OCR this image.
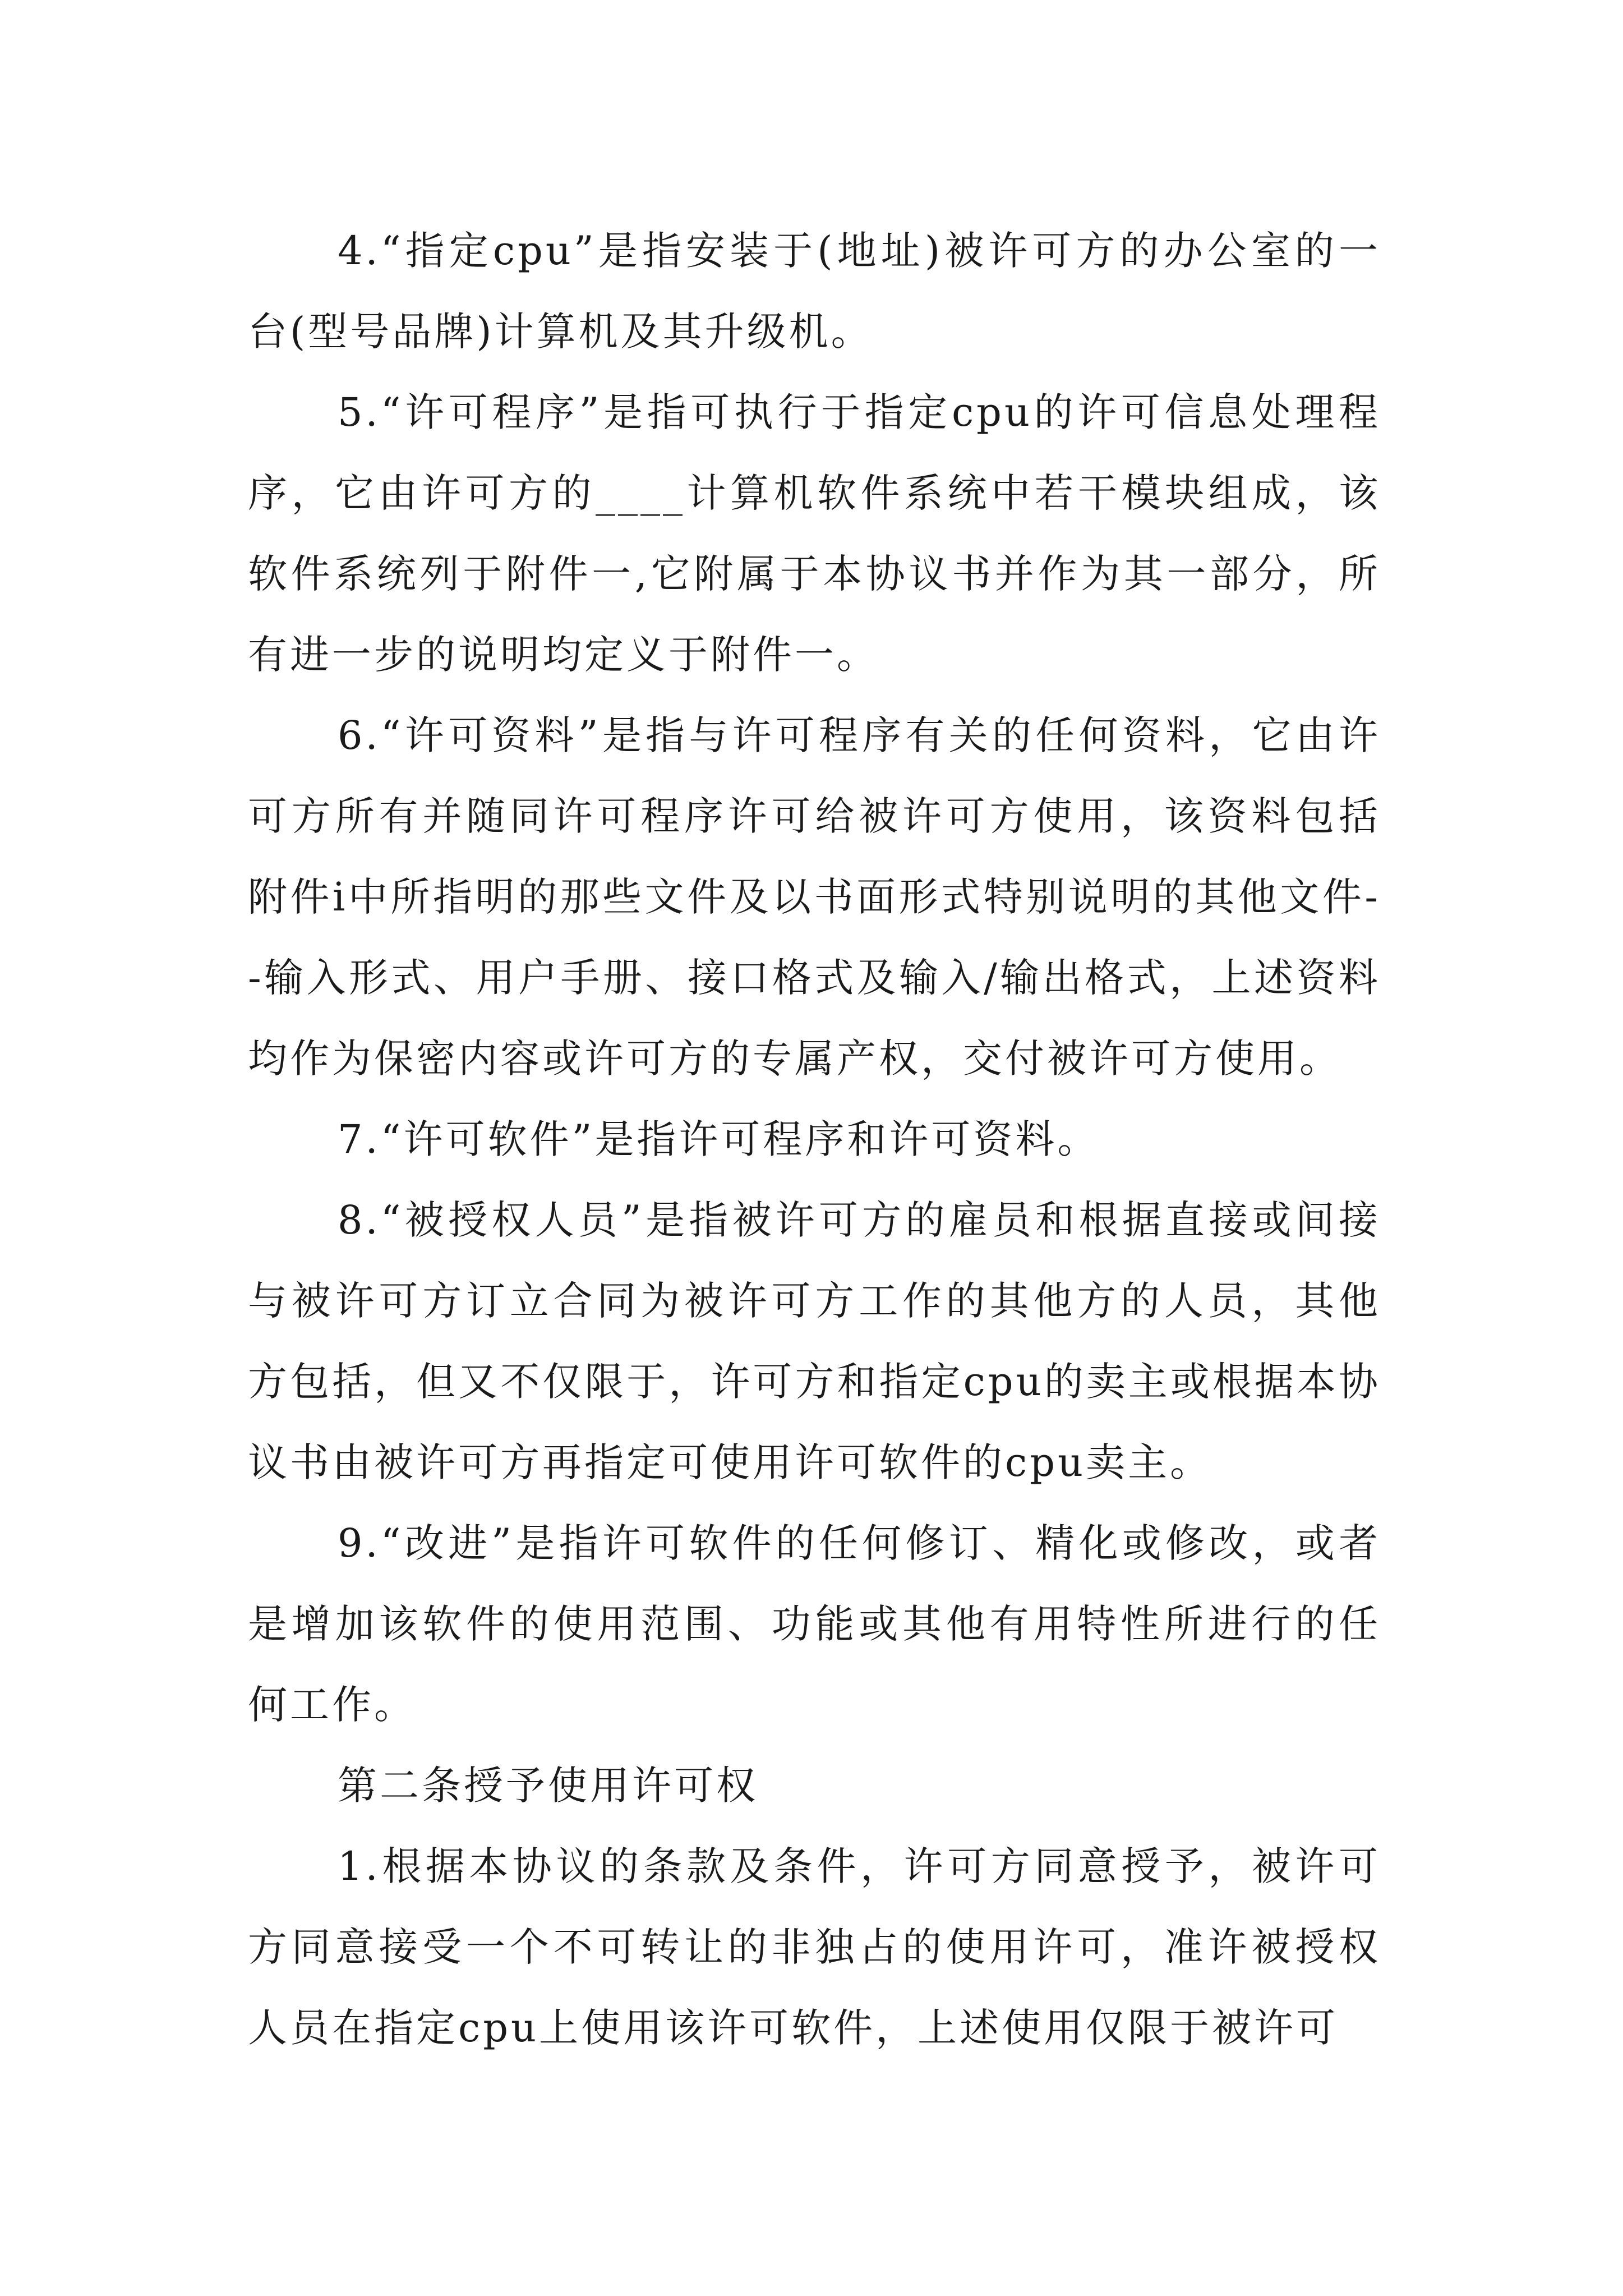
4.“指定cpu”是指安装于(地址)被许可方的办公室的一台(型号品牌)计算机及其升级机。

5.“许可程序”是指可执行于指定cpu的许可信息处理程序，它由许可方的____计算机软件系统中若干模块组成，该软件系统列于附件一,它附属于本协议书并作为其一部分，所有进一步的说明均定义于附件一。

6.“许可资料”是指与许可程序有关的任何资料，它由许可方所有并随同许可程序许可给被许可方使用，该资料包括附件i中所指明的那些文件及以书面形式特别说明的其他文件--输入形式、用户手册、接口格式及输入/输出格式，上述资料均作为保密内容或许可方的专属产权，交付被许可方使用。

7.“许可软件”是指许可程序和许可资料。

8.“被授权人员”是指被许可方的雇员和根据直接或间接与被许可方订立合同为被许可方工作的其他方的人员，其他方包括，但又不仅限于，许可方和指定cpu的卖主或根据本协议书由被许可方再指定可使用许可软件的cpu卖主。

9.“改进”是指许可软件的任何修订、精化或修改，或者是增加该软件的使用范围、功能或其他有用特性所进行的任何工作。

第二条授予使用许可权

1.根据本协议的条款及条件，许可方同意授予，被许可方同意接受一个不可转让的非独占的使用许可，准许被授权人员在指定cpu上使用该许可软件，上述使用仅限于被许可
